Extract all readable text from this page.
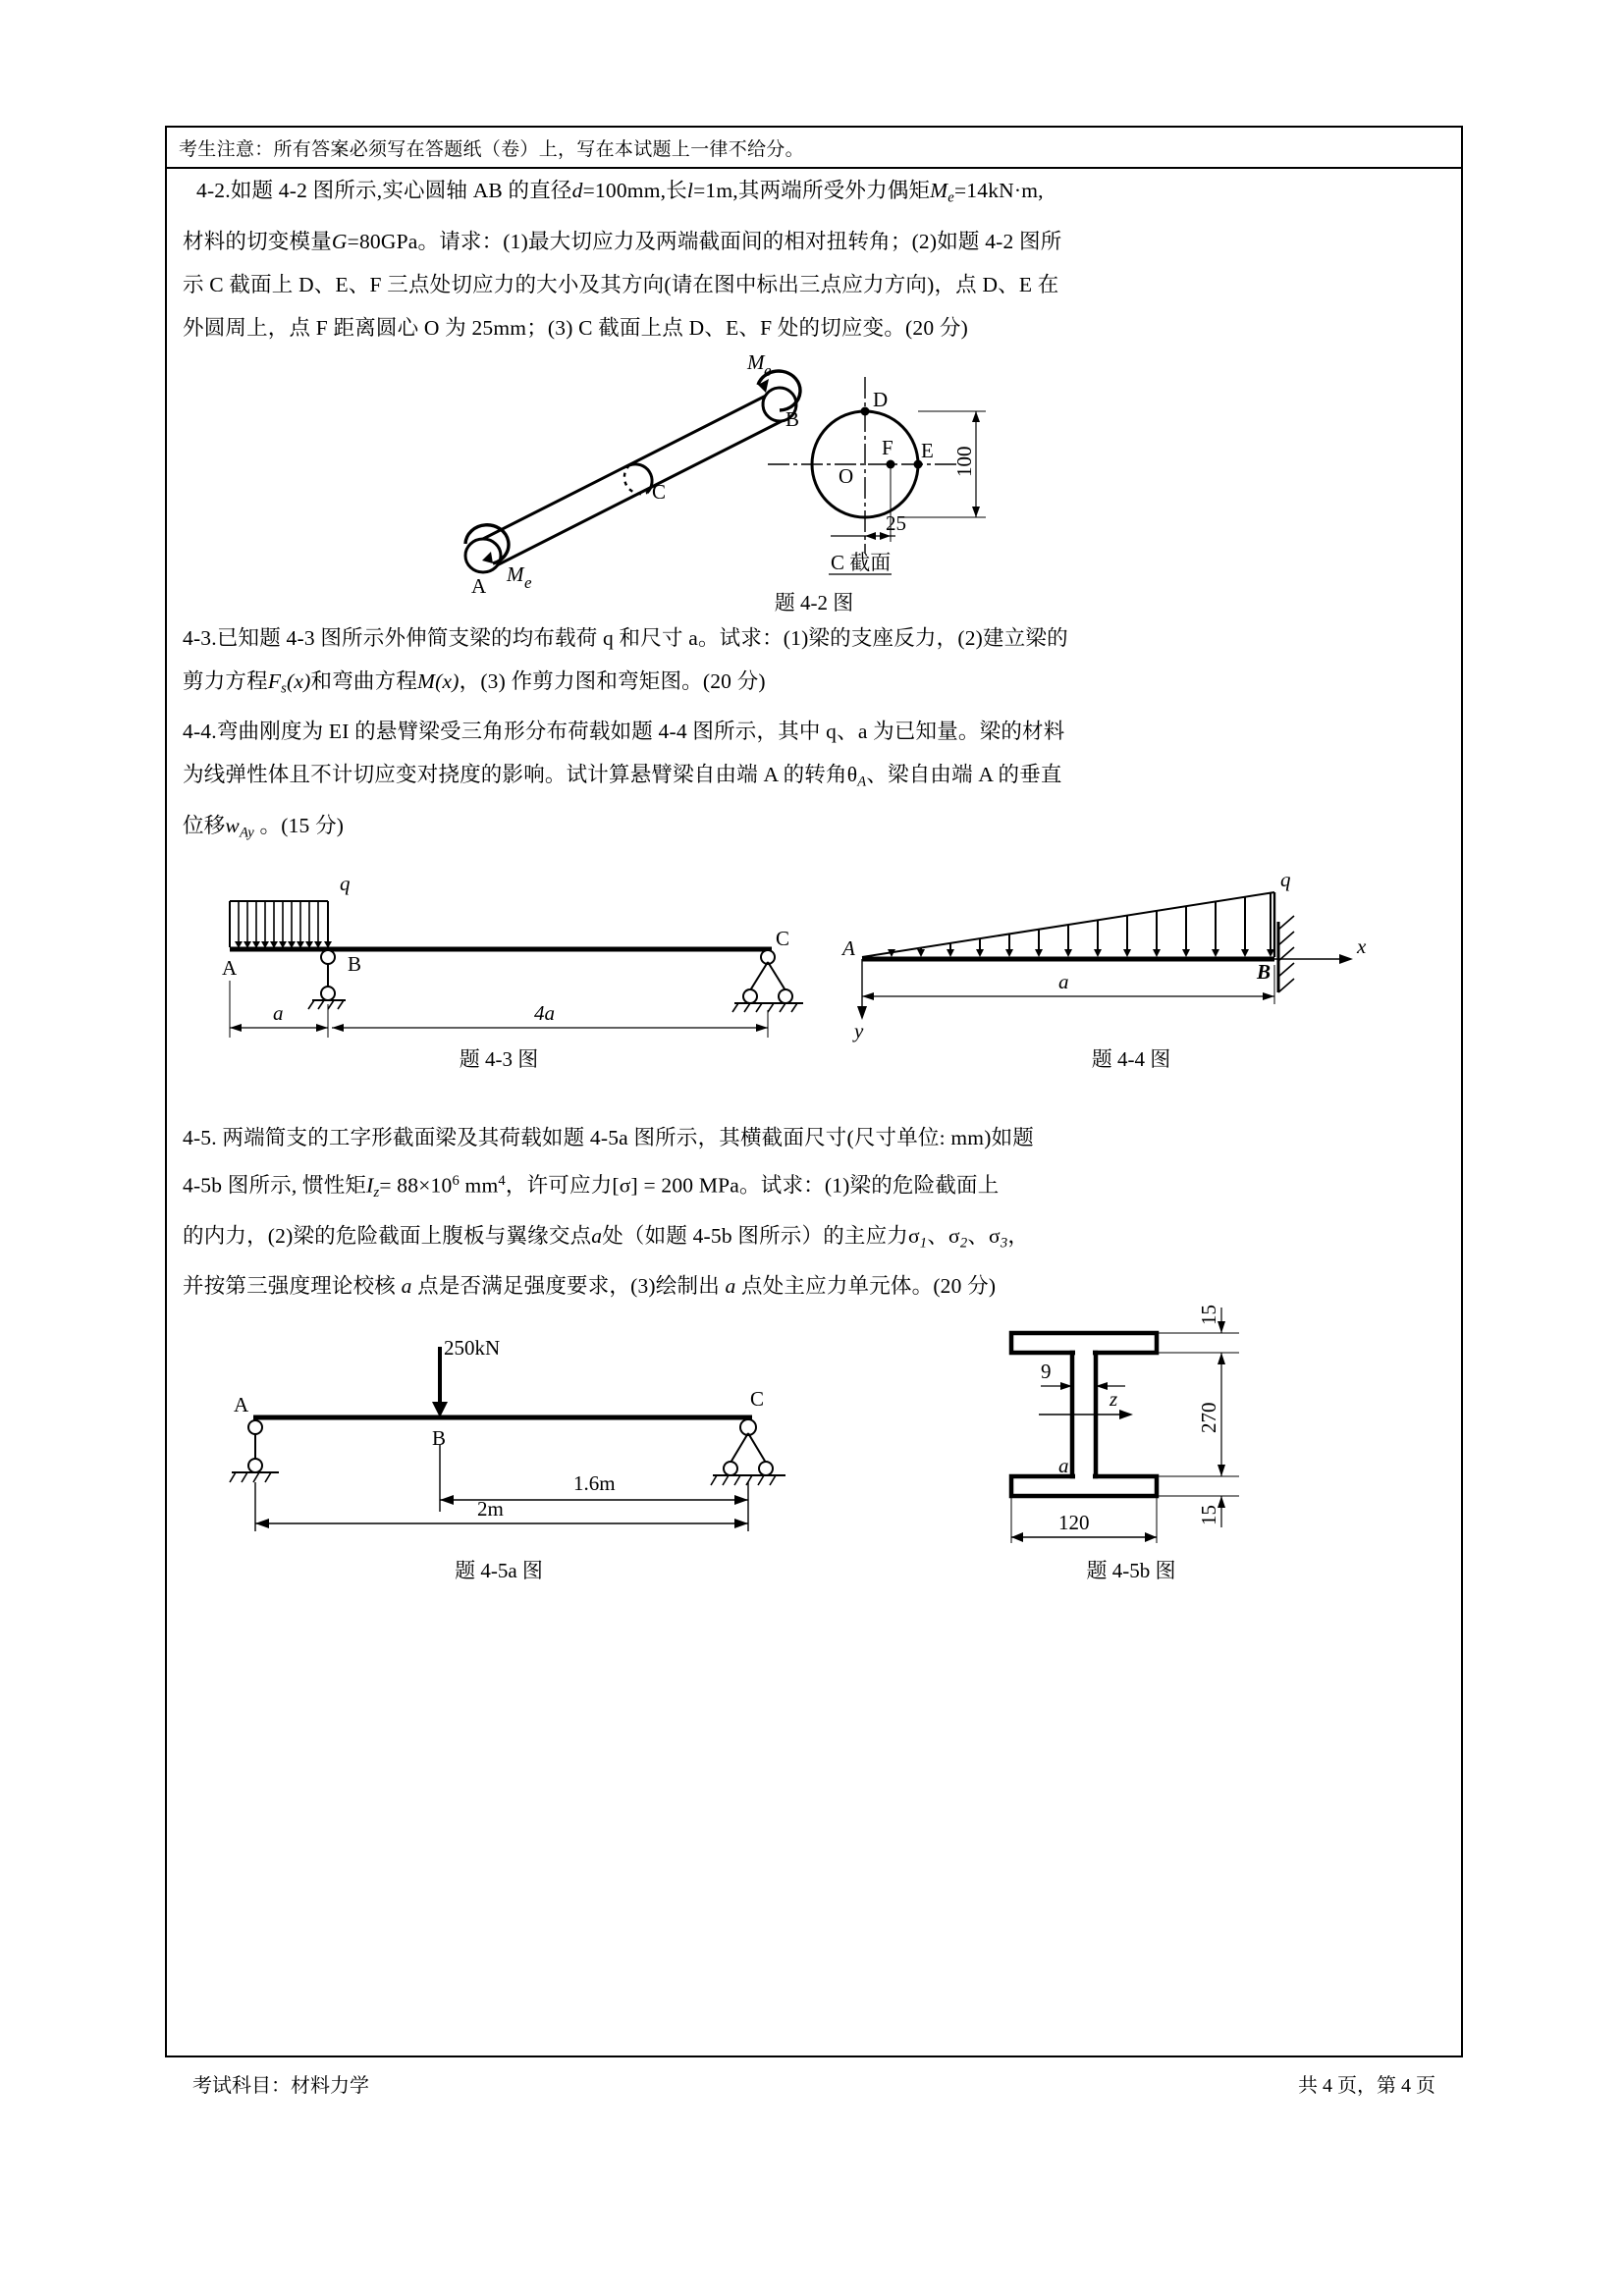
考生注意：所有答案必须写在答题纸（卷）上，写在本试题上一律不给分。

4-2.如题 4-2 图所示,实心圆轴 AB 的直径d=100mm,长l=1m,其两端所受外力偶矩$M_e=14kN\cdot m$,

材料的切变模量G=80GPa。请求：(1)最大切应力及两端截面间的相对扭转角；(2)如题 4-2 图所

示 C 截面上 D、E、F 三点处切应力的大小及其方向(请在图中标出三点应力方向)，点 D、E 在

外圆周上，点 F 距离圆心 O 为 25mm；(3) C 截面上点 D、E、F 处的切应变。(20 分)

M e
B
C
A M e
D
E
F
O	100
25
C 截面
题 4-2 图

4-3.已知题 4-3 图所示外伸简支梁的均布载荷 q 和尺寸 a。试求：(1)梁的支座反力，(2)建立梁的

剪力方程$F_s(x)$和弯曲方程M(x)，(3) 作剪力图和弯矩图。(20 分)

4-4.弯曲刚度为 EI 的悬臂梁受三角形分布荷载如题 4-4 图所示，其中 q、a 为已知量。梁的材料

为线弹性体且不计切应变对挠度的影响。试计算悬臂梁自由端 A 的转角$\theta_A$、梁自由端 A 的垂直

位移$w_{Ay}$ 。(15 分)

q
A	B
C
a	4a
题 4-3 图
q
x
y
A
B
a
题 4-4 图

4-5. 两端简支的工字形截面梁及其荷载如题 4-5a 图所示，其横截面尺寸(尺寸单位: mm)如题

4-5b 图所示, 惯性矩$I_z= 88\times 10^6$ $mm^4$，许可应力[σ] = 200 MPa。试求：(1)梁的危险截面上

的内力，(2)梁的危险截面上腹板与翼缘交点a处（如题 4-5b 图所示）的主应力$\sigma_1$、$\sigma_2$、$\sigma_3$，

并按第三强度理论校核 a 点是否满足强度要求，(3)绘制出 a 点处主应力单元体。(20 分)

250kN
A
B
C
1.6m
2m
题 4-5a 图
z
a
9
15
270
15
120
题 4-5b 图
考试科目：材料力学	共 4 页，第 4 页
